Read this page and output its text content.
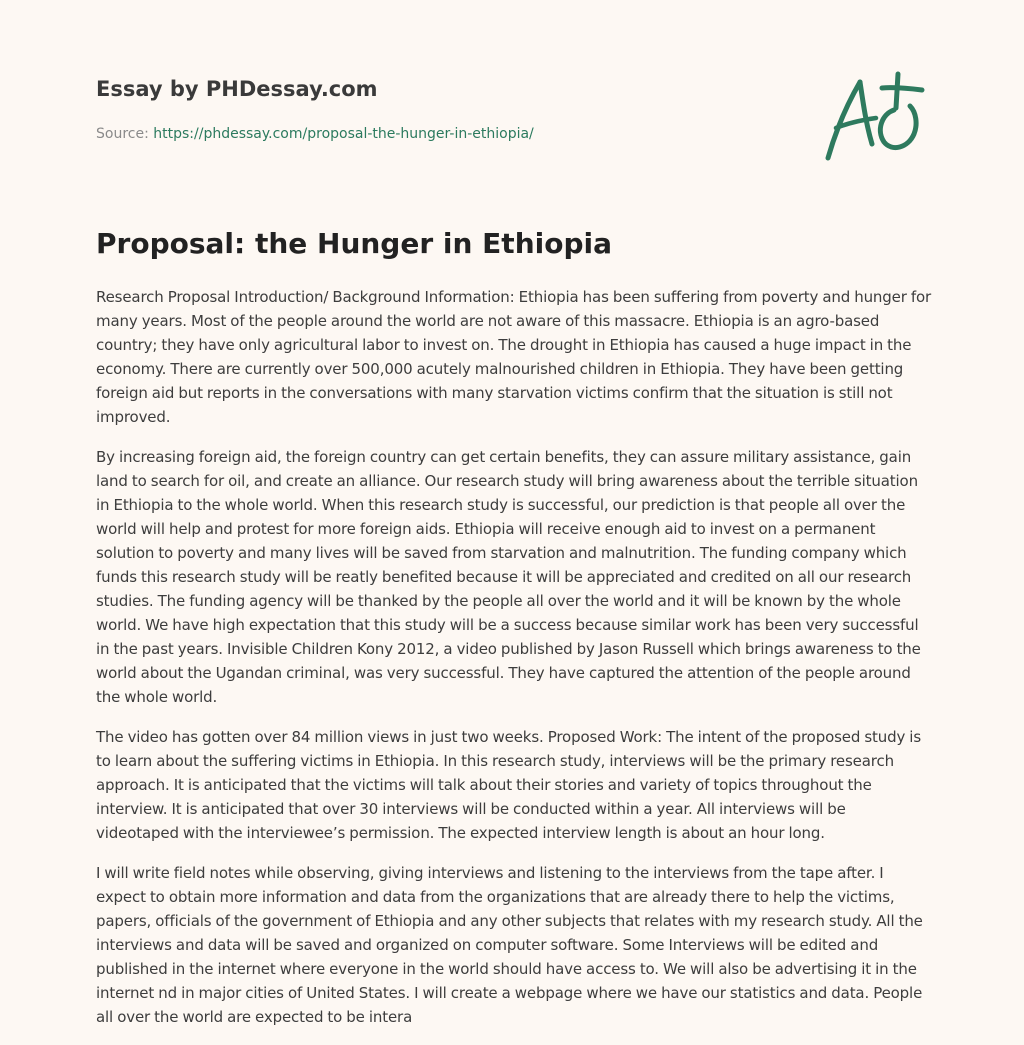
Essay by PHDessay.com
Source: https://phdessay.com/proposal-the-hunger-in-ethiopia/
Proposal: the Hunger in Ethiopia

Research Proposal Introduction/ Background Information: Ethiopia has been suffering from poverty and hunger for many years. Most of the people around the world are not aware of this massacre. Ethiopia is an agro-based country; they have only agricultural labor to invest on. The drought in Ethiopia has caused a huge impact in the economy. There are currently over 500,000 acutely malnourished children in Ethiopia. They have been getting foreign aid but reports in the conversations with many starvation victims confirm that the situation is still not improved.

By increasing foreign aid, the foreign country can get certain benefits, they can assure military assistance, gain land to search for oil, and create an alliance. Our research study will bring awareness about the terrible situation in Ethiopia to the whole world. When this research study is successful, our prediction is that people all over the world will help and protest for more foreign aids. Ethiopia will receive enough aid to invest on a permanent solution to poverty and many lives will be saved from starvation and malnutrition. The funding company which funds this research study will be reatly benefited because it will be appreciated and credited on all our research studies. The funding agency will be thanked by the people all over the world and it will be known by the whole world. We have high expectation that this study will be a success because similar work has been very successful in the past years. Invisible Children Kony 2012, a video published by Jason Russell which brings awareness to the world about the Ugandan criminal, was very successful. They have captured the attention of the people around the whole world.

The video has gotten over 84 million views in just two weeks. Proposed Work: The intent of the proposed study is to learn about the suffering victims in Ethiopia. In this research study, interviews will be the primary research approach. It is anticipated that the victims will talk about their stories and variety of topics throughout the interview. It is anticipated that over 30 interviews will be conducted within a year. All interviews will be videotaped with the interviewee’s permission. The expected interview length is about an hour long.

I will write field notes while observing, giving interviews and listening to the interviews from the tape after. I expect to obtain more information and data from the organizations that are already there to help the victims, papers, officials of the government of Ethiopia and any other subjects that relates with my research study. All the interviews and data will be saved and organized on computer software. Some Interviews will be edited and published in the internet where everyone in the world should have access to. We will also be advertising it in the internet nd in major cities of United States. I will create a webpage where we have our statistics and data. People all over the world are expected to be intera
